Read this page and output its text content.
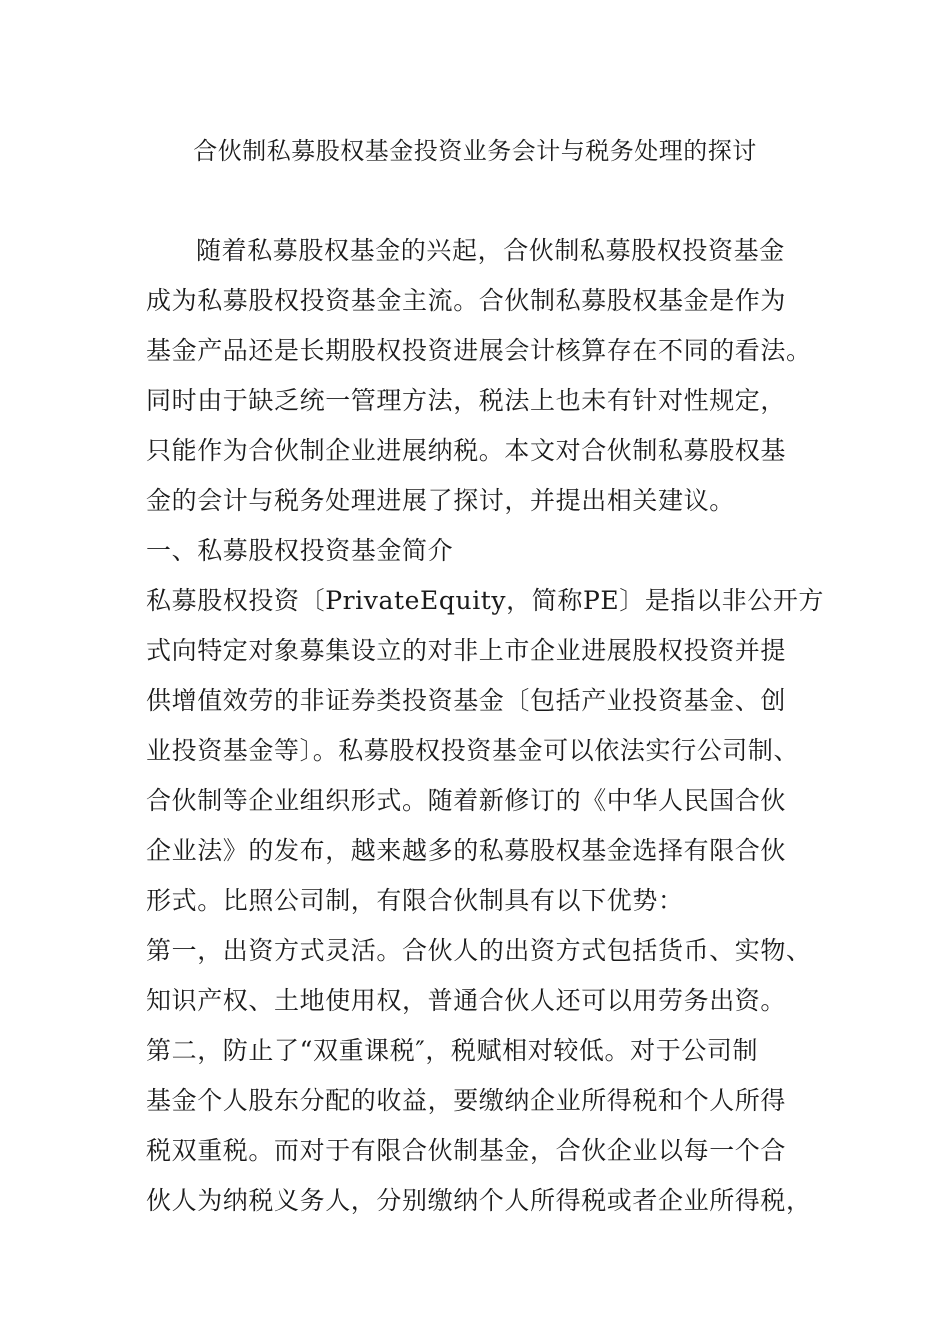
合伙制私募股权基金投资业务会计与税务处理的探讨
随着私募股权基金的兴起，合伙制私募股权投资基金
成为私募股权投资基金主流。合伙制私募股权基金是作为
基金产品还是长期股权投资进展会计核算存在不同的看法。
同时由于缺乏统一管理方法，税法上也未有针对性规定，
只能作为合伙制企业进展纳税。本文对合伙制私募股权基
金的会计与税务处理进展了探讨，并提出相关建议。
一、私募股权投资基金简介
私募股权投资〔PrivateEquity，简称PE〕是指以非公开方
式向特定对象募集设立的对非上市企业进展股权投资并提
供增值效劳的非证券类投资基金〔包括产业投资基金、创
业投资基金等〕。私募股权投资基金可以依法实行公司制、
合伙制等企业组织形式。随着新修订的《中华人民国合伙
企业法》的发布，越来越多的私募股权基金选择有限合伙
形式。比照公司制，有限合伙制具有以下优势：
第一，出资方式灵活。合伙人的出资方式包括货币、实物、
知识产权、土地使用权，普通合伙人还可以用劳务出资。
第二，防止了“双重课税″，税赋相对较低。对于公司制
基金个人股东分配的收益，要缴纳企业所得税和个人所得
税双重税。而对于有限合伙制基金，合伙企业以每一个合
伙人为纳税义务人，分别缴纳个人所得税或者企业所得税，
